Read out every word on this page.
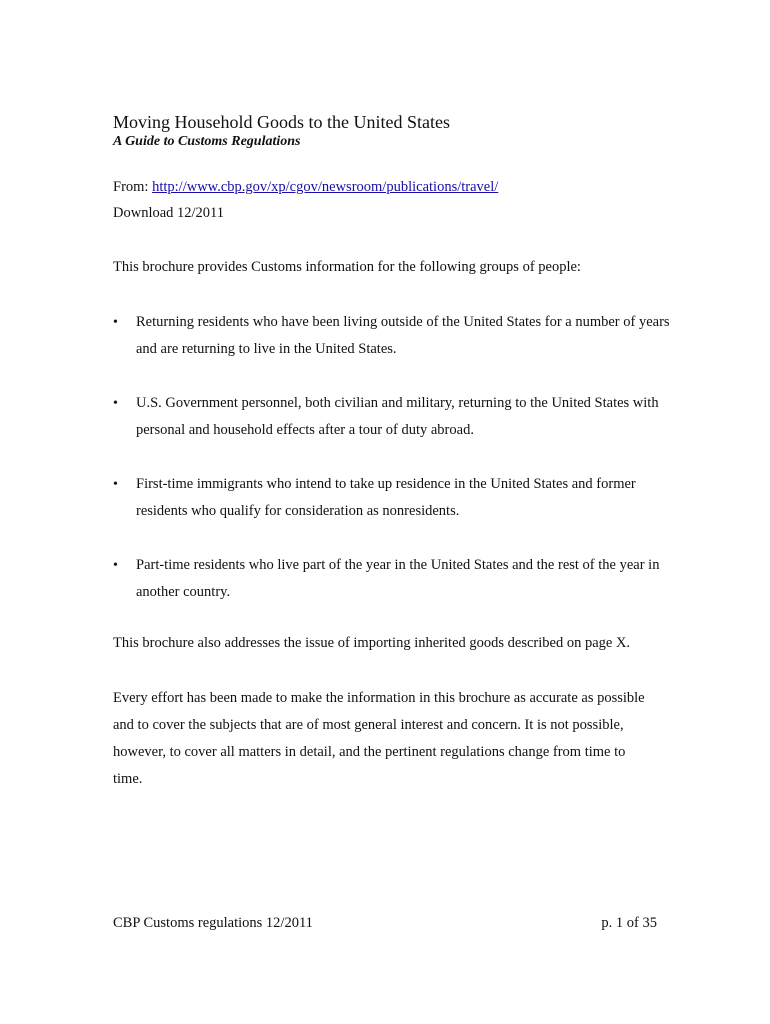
Moving Household Goods to the United States
A Guide to Customs Regulations
From: http://www.cbp.gov/xp/cgov/newsroom/publications/travel/
Download 12/2011
This brochure provides Customs information for the following groups of people:
•	Returning residents who have been living outside of the United States for a number of years and are returning to live in the United States.
•	U.S. Government personnel, both civilian and military, returning to the United States with personal and household effects after a tour of duty abroad.
•	First-time immigrants who intend to take up residence in the United States and former residents who qualify for consideration as nonresidents.
•	Part-time residents who live part of the year in the United States and the rest of the year in another country.
This brochure also addresses the issue of importing inherited goods described on page X.
Every effort has been made to make the information in this brochure as accurate as possible and to cover the subjects that are of most general interest and concern. It is not possible, however, to cover all matters in detail, and the pertinent regulations change from time to time.
CBP Customs regulations 12/2011	p. 1 of 35
